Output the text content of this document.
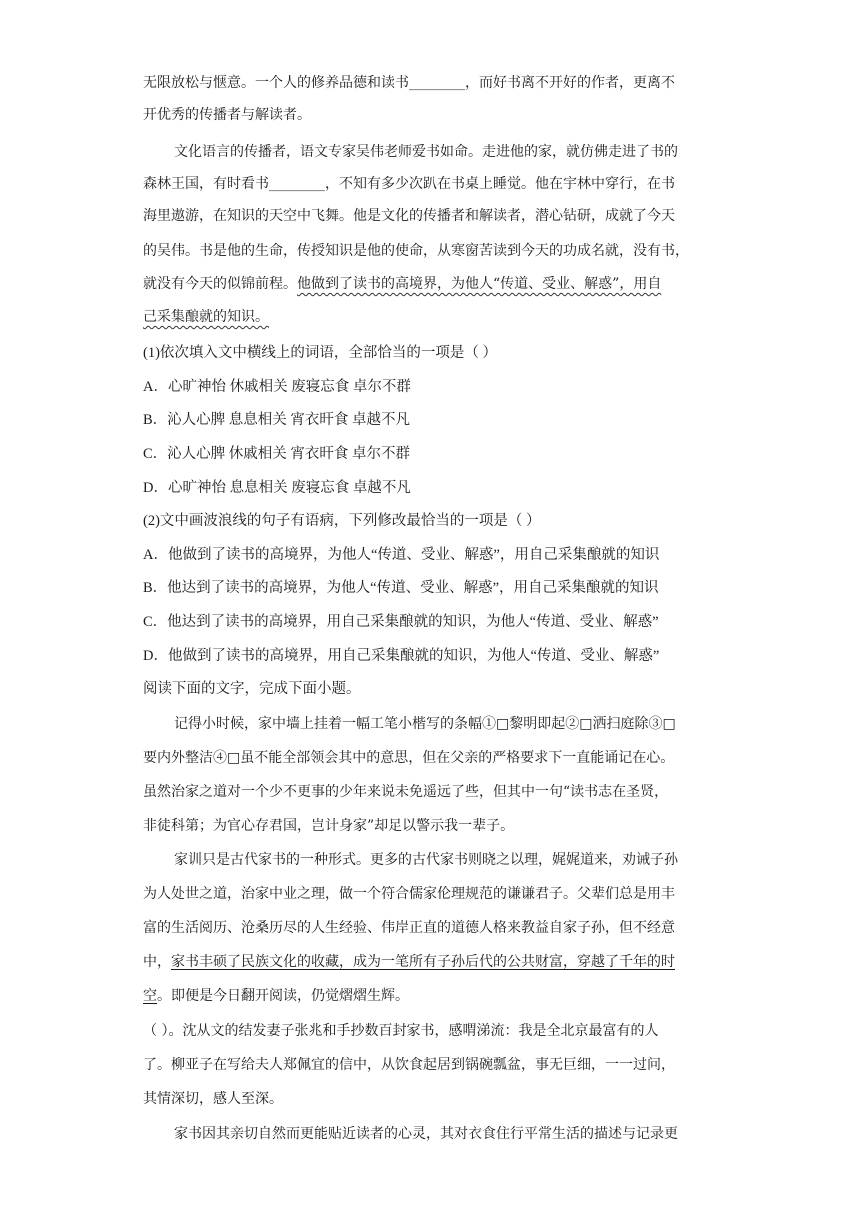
无限放松与惬意。一个人的修养品德和读书________，而好书离不开好的作者，更离不
开优秀的传播者与解读者。
文化语言的传播者，语文专家吴伟老师爱书如命。走进他的家，就仿佛走进了书的
森林王国，有时看书________，不知有多少次趴在书桌上睡觉。他在宇林中穿行，在书
海里遨游，在知识的天空中飞舞。他是文化的传播者和解读者，潜心钻研，成就了今天
的吴伟。书是他的生命，传授知识是他的使命，从寒窗苦读到今天的功成名就，没有书，
就没有今天的似锦前程。他做到了读书的高境界，为他人“传道、受业、解惑”，用自
己采集酿就的知识。
(1)依次填入文中横线上的词语，全部恰当的一项是（ ）
A．心旷神怡 休戚相关 废寝忘食 卓尔不群
B．沁人心脾 息息相关 宵衣旰食 卓越不凡
C．沁人心脾 休戚相关 宵衣旰食 卓尔不群
D．心旷神怡 息息相关 废寝忘食 卓越不凡
(2)文中画波浪线的句子有语病，下列修改最恰当的一项是（ ）
A．他做到了读书的高境界，为他人“传道、受业、解惑”，用自己采集酿就的知识
B．他达到了读书的高境界，为他人“传道、受业、解惑”，用自己采集酿就的知识
C．他达到了读书的高境界，用自己采集酿就的知识，为他人“传道、受业、解惑”
D．他做到了读书的高境界，用自己采集酿就的知识，为他人“传道、受业、解惑”
阅读下面的文字，完成下面小题。
记得小时候，家中墙上挂着一幅工笔小楷写的条幅①□黎明即起②□洒扫庭除③□
要内外整洁④□虽不能全部领会其中的意思，但在父亲的严格要求下一直能诵记在心。
虽然治家之道对一个少不更事的少年来说未免遥远了些，但其中一句“读书志在圣贤，
非徒科第；为官心存君国，岂计身家”却足以警示我一辈子。
家训只是古代家书的一种形式。更多的古代家书则晓之以理，娓娓道来，劝诫子孙
为人处世之道，治家中业之理，做一个符合儒家伦理规范的谦谦君子。父辈们总是用丰
富的生活阅历、沧桑历尽的人生经验、伟岸正直的道德人格来教益自家子孙，但不经意
中，家书丰硕了民族文化的收藏，成为一笔所有子孙后代的公共财富，穿越了千年的时
空。即便是今日翻开阅读，仍觉熠熠生辉。
（ ）。沈从文的结发妻子张兆和手抄数百封家书，感喟涕流：我是全北京最富有的人
了。柳亚子在写给夫人郑佩宜的信中，从饮食起居到锅碗瓢盆，事无巨细，一一过问，
其情深切，感人至深。
家书因其亲切自然而更能贴近读者的心灵，其对衣食住行平常生活的描述与记录更
